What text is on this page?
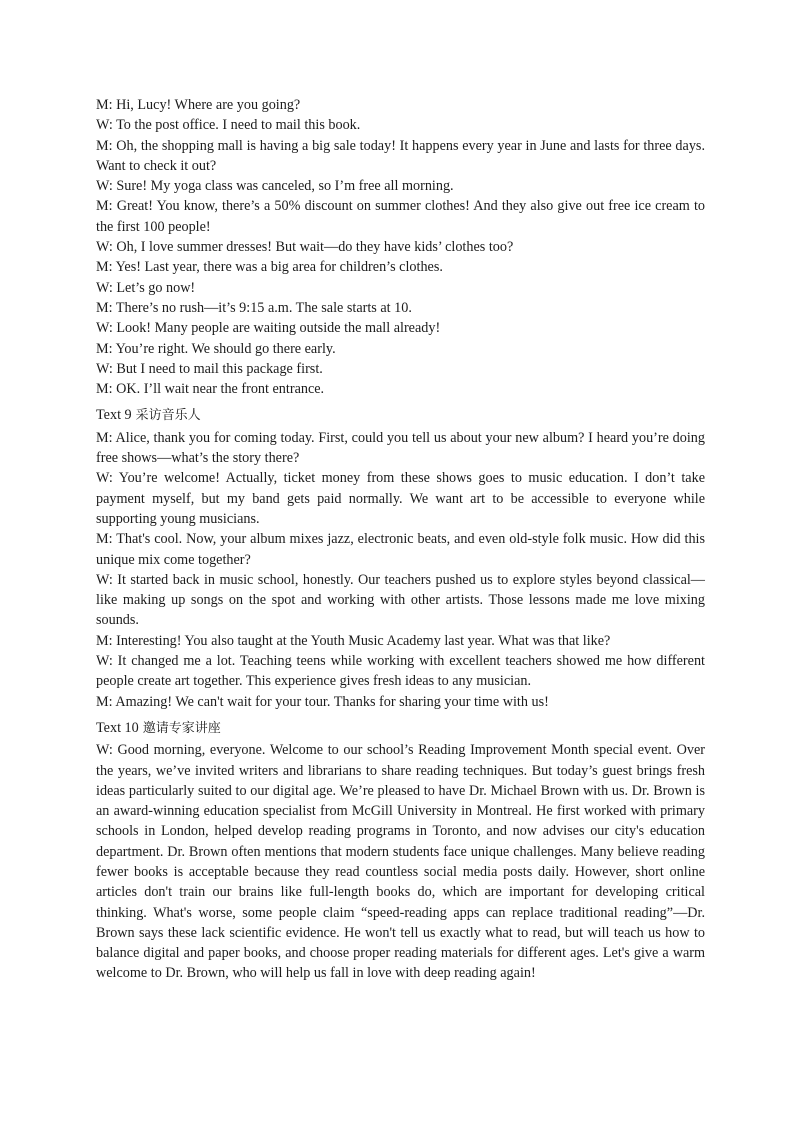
M: Hi, Lucy! Where are you going?

W: To the post office. I need to mail this book.

M: Oh, the shopping mall is having a big sale today! It happens every year in June and lasts for three days. Want to check it out?

W: Sure! My yoga class was canceled, so I’m free all morning.

M: Great! You know, there’s a 50% discount on summer clothes! And they also give out free ice cream to the first 100 people!

W: Oh, I love summer dresses! But wait—do they have kids’ clothes too?

M: Yes! Last year, there was a big area for children’s clothes.

W: Let’s go now!

M: There’s no rush—it’s 9:15 a.m. The sale starts at 10.

W: Look! Many people are waiting outside the mall already!

M: You’re right. We should go there early.

W: But I need to mail this package first.

M: OK. I’ll wait near the front entrance.

Text 9 采访音乐人

M: Alice, thank you for coming today. First, could you tell us about your new album? I heard you’re doing free shows—what’s the story there?

W: You’re welcome! Actually, ticket money from these shows goes to music education. I don’t take payment myself, but my band gets paid normally. We want art to be accessible to everyone while supporting young musicians.

M: That's cool. Now, your album mixes jazz, electronic beats, and even old-style folk music. How did this unique mix come together?

W: It started back in music school, honestly. Our teachers pushed us to explore styles beyond classical—like making up songs on the spot and working with other artists. Those lessons made me love mixing sounds.

M: Interesting! You also taught at the Youth Music Academy last year. What was that like?

W: It changed me a lot. Teaching teens while working with excellent teachers showed me how different people create art together. This experience gives fresh ideas to any musician.

M: Amazing! We can't wait for your tour. Thanks for sharing your time with us!

Text 10 邀请专家讲座

W: Good morning, everyone. Welcome to our school’s Reading Improvement Month special event. Over the years, we’ve invited writers and librarians to share reading techniques. But today’s guest brings fresh ideas particularly suited to our digital age. We’re pleased to have Dr. Michael Brown with us. Dr. Brown is an award-winning education specialist from McGill University in Montreal. He first worked with primary schools in London, helped develop reading programs in Toronto, and now advises our city's education department. Dr. Brown often mentions that modern students face unique challenges. Many believe reading fewer books is acceptable because they read countless social media posts daily. However, short online articles don't train our brains like full-length books do, which are important for developing critical thinking. What's worse, some people claim “speed-reading apps can replace traditional reading”—Dr. Brown says these lack scientific evidence. He won't tell us exactly what to read, but will teach us how to balance digital and paper books, and choose proper reading materials for different ages. Let's give a warm welcome to Dr. Brown, who will help us fall in love with deep reading again!
